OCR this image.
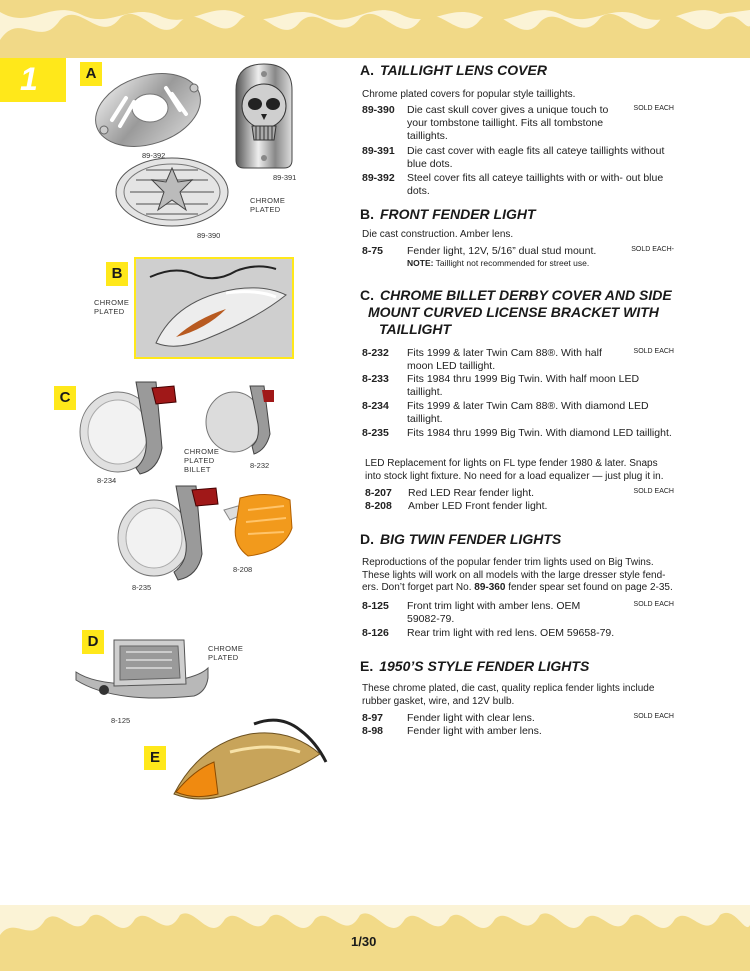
1	A
89-392
89-391
CHROME
PLATED
89-390
B
CHROME
PLATED
C
8-234
CHROME
PLATED
BILLET	8-232
8-235
8-208
D	CHROME
PLATED
8-125
E
A. TAILLIGHT LENS COVER
Chrome plated covers for popular style taillights.
89-390 Die cast skull cover gives a unique touch to your tombstone taillight. Fits all tombstone taillights.
SOLD EACH
89-391 Die cast cover with eagle fits all cateye taillights without blue dots.
89-392 Steel cover fits all cateye taillights with or with- out blue dots.
B. FRONT FENDER LIGHT
Die cast construction. Amber lens.
8-75 Fender light, 12V, 5/16” dual stud mount.
NOTE: Taillight not recommended for street use.
SOLD EACH-
C. CHROME BILLET DERBY COVER AND SIDE
MOUNT CURVED LICENSE BRACKET WITH
TAILLIGHT
8-232 Fits 1999 & later Twin Cam 88®. With half moon LED taillight.
SOLD EACH
8-233 Fits 1984 thru 1999 Big Twin. With half moon LED taillight.
8-234 Fits 1999 & later Twin Cam 88®. With diamond LED taillight.
8-235 Fits 1984 thru 1999 Big Twin. With diamond LED taillight.
LED Replacement for lights on FL type fender 1980 & later. Snaps into stock light fixture. No need for a load equalizer — just plug it in.
8-207 Red LED Rear fender light.	SOLD EACH
8-208 Amber LED Front fender light.
D. BIG TWIN FENDER LIGHTS
Reproductions of the popular fender trim lights used on Big Twins. These lights will work on all models with the large dresser style fend- ers. Don’t forget part No. 89-360 fender spear set found on page 2-35.
8-125 Front trim light with amber lens. OEM 59082-79.
SOLD EACH
8-126 Rear trim light with red lens. OEM 59658-79.
E. 1950’S STYLE FENDER LIGHTS
These chrome plated, die cast, quality replica fender lights include rubber gasket, wire, and 12V bulb.
8-97 Fender light with clear lens.	SOLD EACH
8-98 Fender light with amber lens.
1/30
